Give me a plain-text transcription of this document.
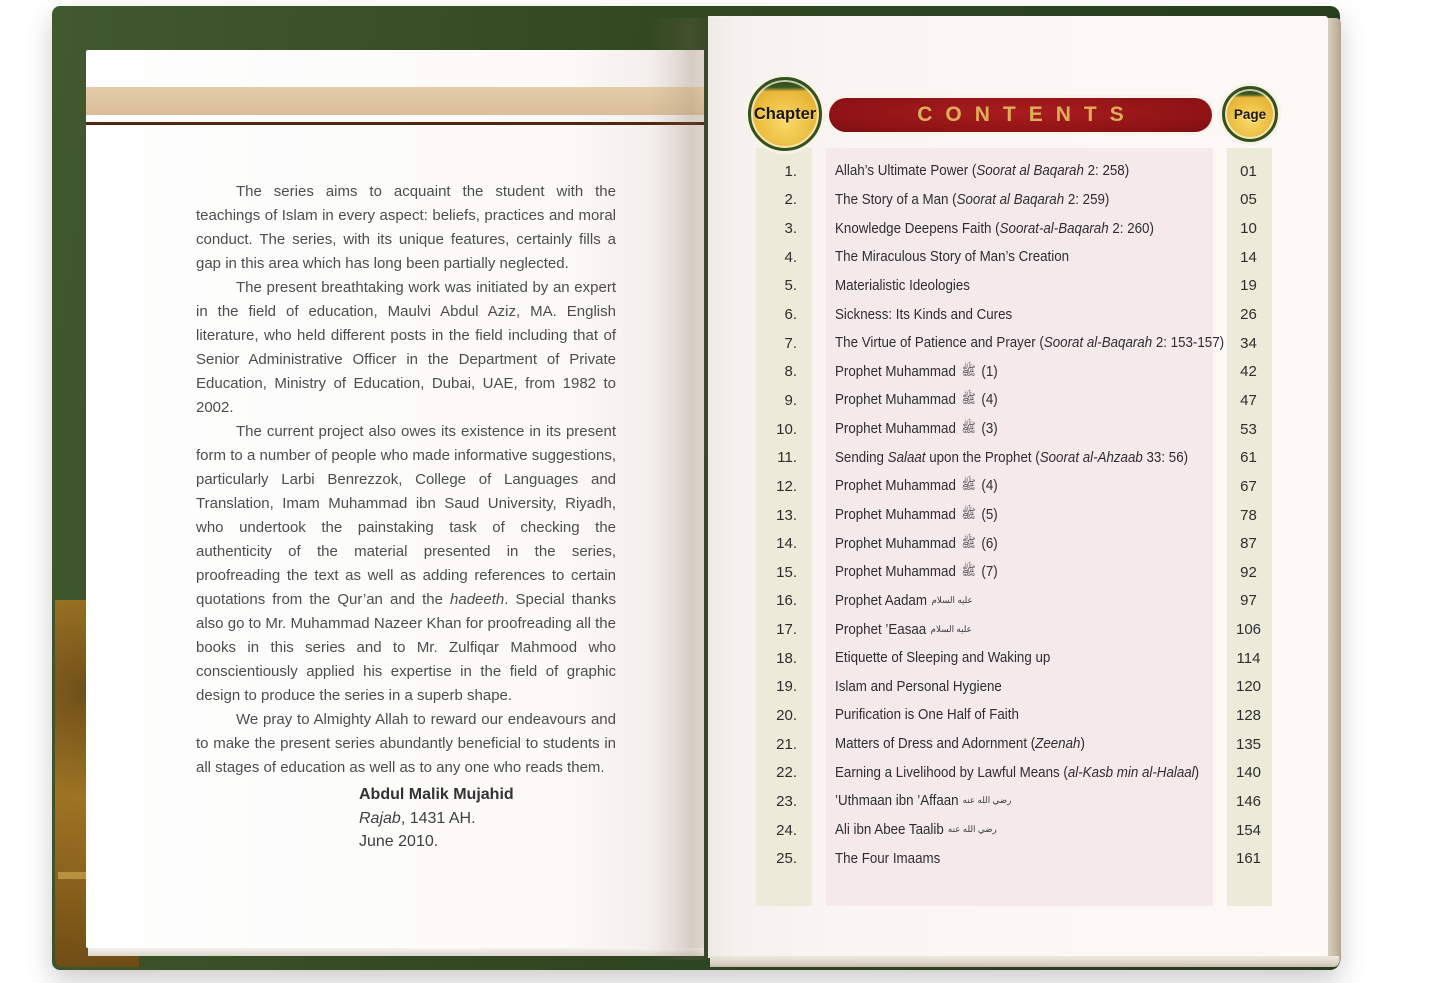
The series aims to acquaint the student with the teachings of Islam in every aspect: beliefs, practices and moral conduct. The series, with its unique features, certainly fills a gap in this area which has long been partially neglected.

The present breathtaking work was initiated by an expert in the field of education, Maulvi Abdul Aziz, MA. English literature, who held different posts in the field including that of Senior Administrative Officer in the Department of Private Education, Ministry of Education, Dubai, UAE, from 1982 to 2002.

The current project also owes its existence in its present form to a number of people who made informative suggestions, particularly Larbi Benrezzok, College of Languages and Translation, Imam Muhammad ibn Saud University, Riyadh, who undertook the painstaking task of checking the authenticity of the material presented in the series, proofreading the text as well as adding references to certain quotations from the Qur’an and the hadeeth. Special thanks also go to Mr. Muhammad Nazeer Khan for proofreading all the books in this series and to Mr. Zulfiqar Mahmood who conscientiously applied his expertise in the field of graphic design to produce the series in a superb shape.

We pray to Almighty Allah to reward our endeavours and to make the present series abundantly beneficial to students in all stages of education as well as to any one who reads them.

Abdul Malik Mujahid
Rajab, 1431 AH.
June 2010.
Chapter	CONTENTS	Page
1.	Allah’s Ultimate Power (Soorat al Baqarah 2: 258)	01
2.	The Story of a Man (Soorat al Baqarah 2: 259)	05
3.	Knowledge Deepens Faith (Soorat-al-Baqarah 2: 260)	10
4.	The Miraculous Story of Man’s Creation	14
5.	Materialistic Ideologies	19
6.	Sickness: Its Kinds and Cures	26
7.	The Virtue of Patience and Prayer (Soorat al-Baqarah 2: 153-157)	34
8.	Prophet Muhammad ﷺ (1)	42
9.	Prophet Muhammad ﷺ (4)	47
10.	Prophet Muhammad ﷺ (3)	53
11.	Sending Salaat upon the Prophet (Soorat al-Ahzaab 33: 56)	61
12.	Prophet Muhammad ﷺ (4)	67
13.	Prophet Muhammad ﷺ (5)	78
14.	Prophet Muhammad ﷺ (6)	87
15.	Prophet Muhammad ﷺ (7)	92
16.	Prophet Aadam عليه السلام	97
17.	Prophet ’Easaa عليه السلام	106
18.	Etiquette of Sleeping and Waking up	114
19.	Islam and Personal Hygiene	120
20.	Purification is One Half of Faith	128
21.	Matters of Dress and Adornment (Zeenah)	135
22.	Earning a Livelihood by Lawful Means (al-Kasb min al-Halaal)	140
23.	’Uthmaan ibn ’Affaan رضي الله عنه	146
24.	Ali ibn Abee Taalib رضي الله عنه	154
25.	The Four Imaams	161
